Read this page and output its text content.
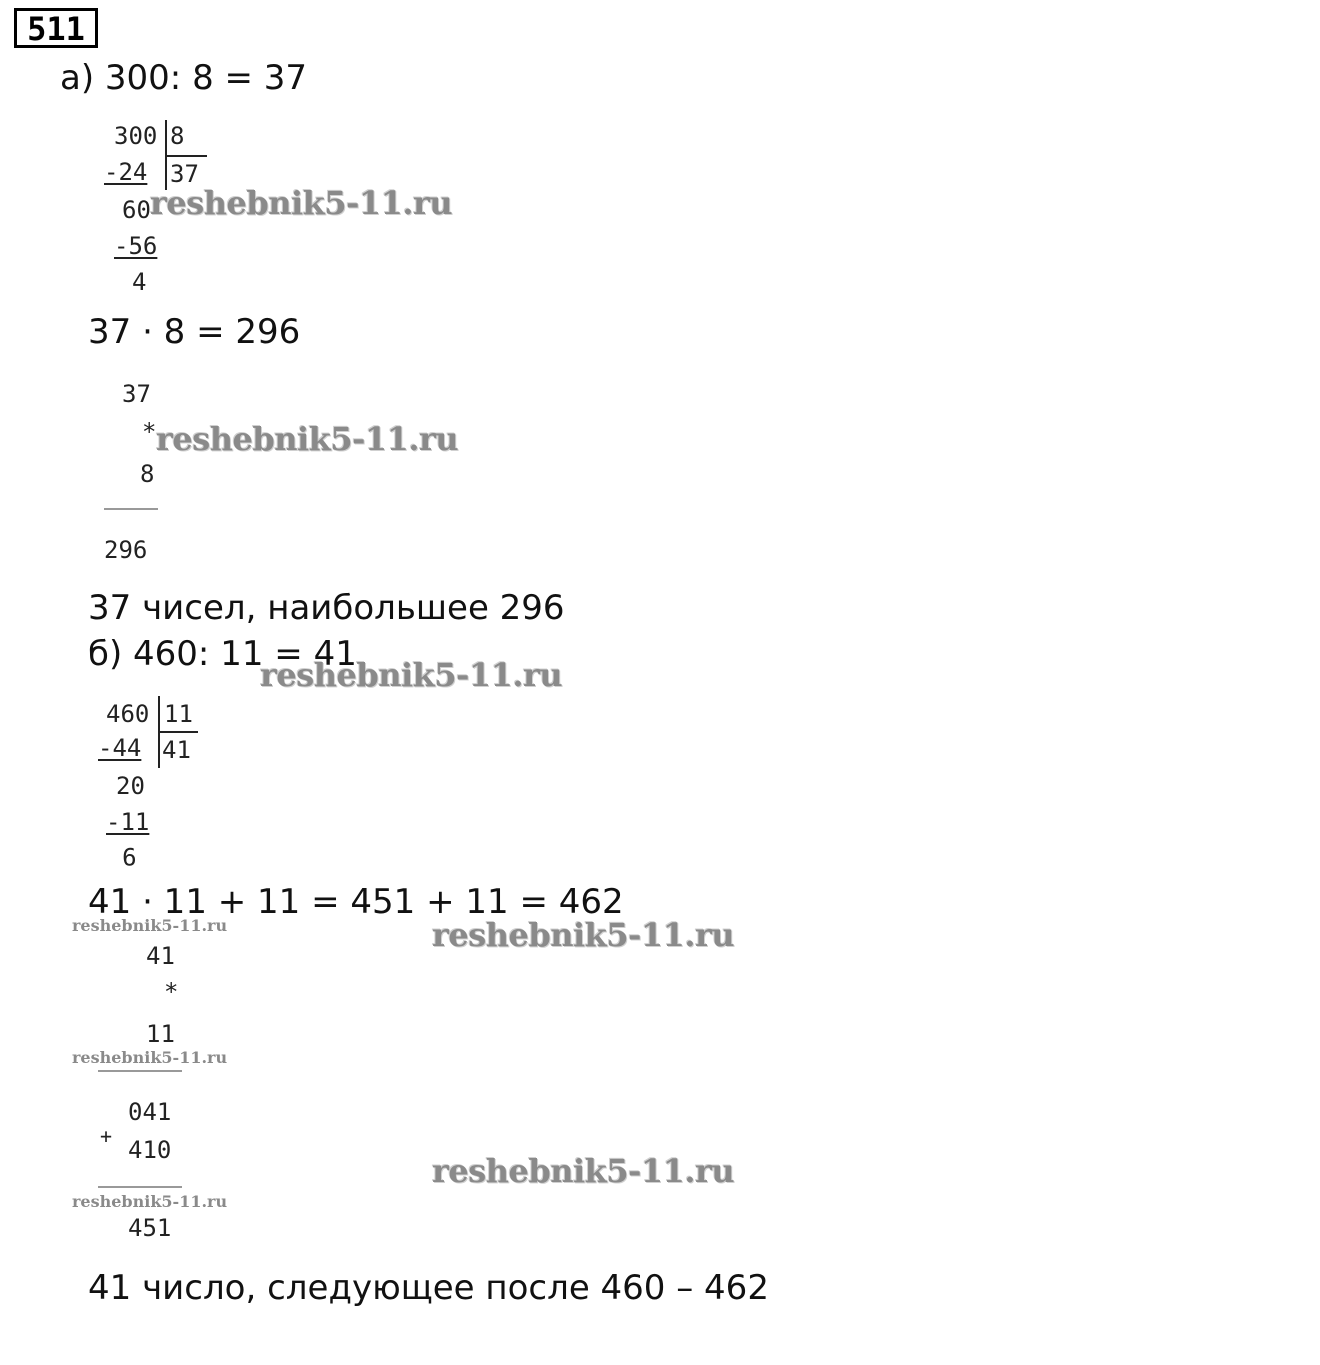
511
а) 300: 8 = 37
300 8
37
-24
60
-56
4
reshebnik5-11.ru
37 · 8 = 296
37
*
8
296
reshebnik5-11.ru
37 чисел, наибольшее 296
б) 460: 11 = 41
reshebnik5-11.ru
460 11
41
-44
20
-11
9
41 · 11 + 11 = 451 + 11 = 462
reshebnik5-11.ru	reshebnik5-11.ru
41
*
11
041
+ 410
451
reshebnik5-11.ru
reshebnik5-11.ru
reshebnik5-11.ru
41 число, следующее после 460 – 462
